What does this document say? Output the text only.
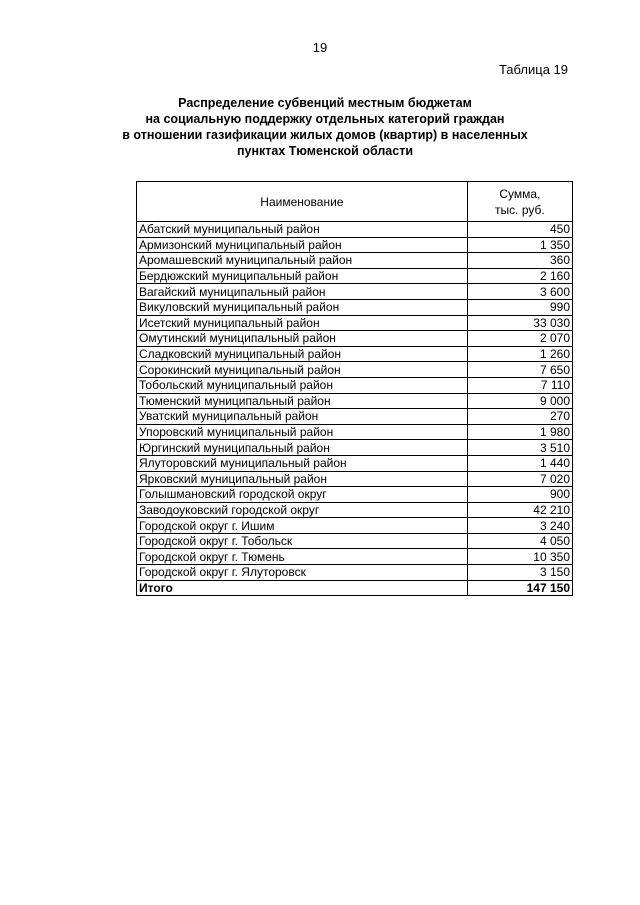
19
Таблица 19
Распределение субвенций местным бюджетам
на социальную поддержку отдельных категорий граждан
в отношении газификации жилых домов (квартир) в населенных
пунктах Тюменской области
Наименование	Сумма,
тыс. руб.

Абатский муниципальный район	450
Армизонский муниципальный район	1 350
Аромашевский муниципальный район	360
Бердюжский муниципальный район	2 160
Вагайский муниципальный район	3 600
Викуловский муниципальный район	990
Исетский муниципальный район	33 030
Омутинский муниципальный район	2 070
Сладковский муниципальный район	1 260
Сорокинский муниципальный район	7 650
Тобольский муниципальный район	7 110
Тюменский муниципальный район	9 000
Уватский муниципальный район	270
Упоровский муниципальный район	1 980
Юргинский муниципальный район	3 510
Ялуторовский муниципальный район	1 440
Ярковский муниципальный район	7 020
Голышмановский городской округ	900
Заводоуковский городской округ	42 210
Городской округ г. Ишим	3 240
Городской округ г. Тобольск	4 050
Городской округ г. Тюмень	10 350
Городской округ г. Ялуторовск	3 150
Итого	147 150
